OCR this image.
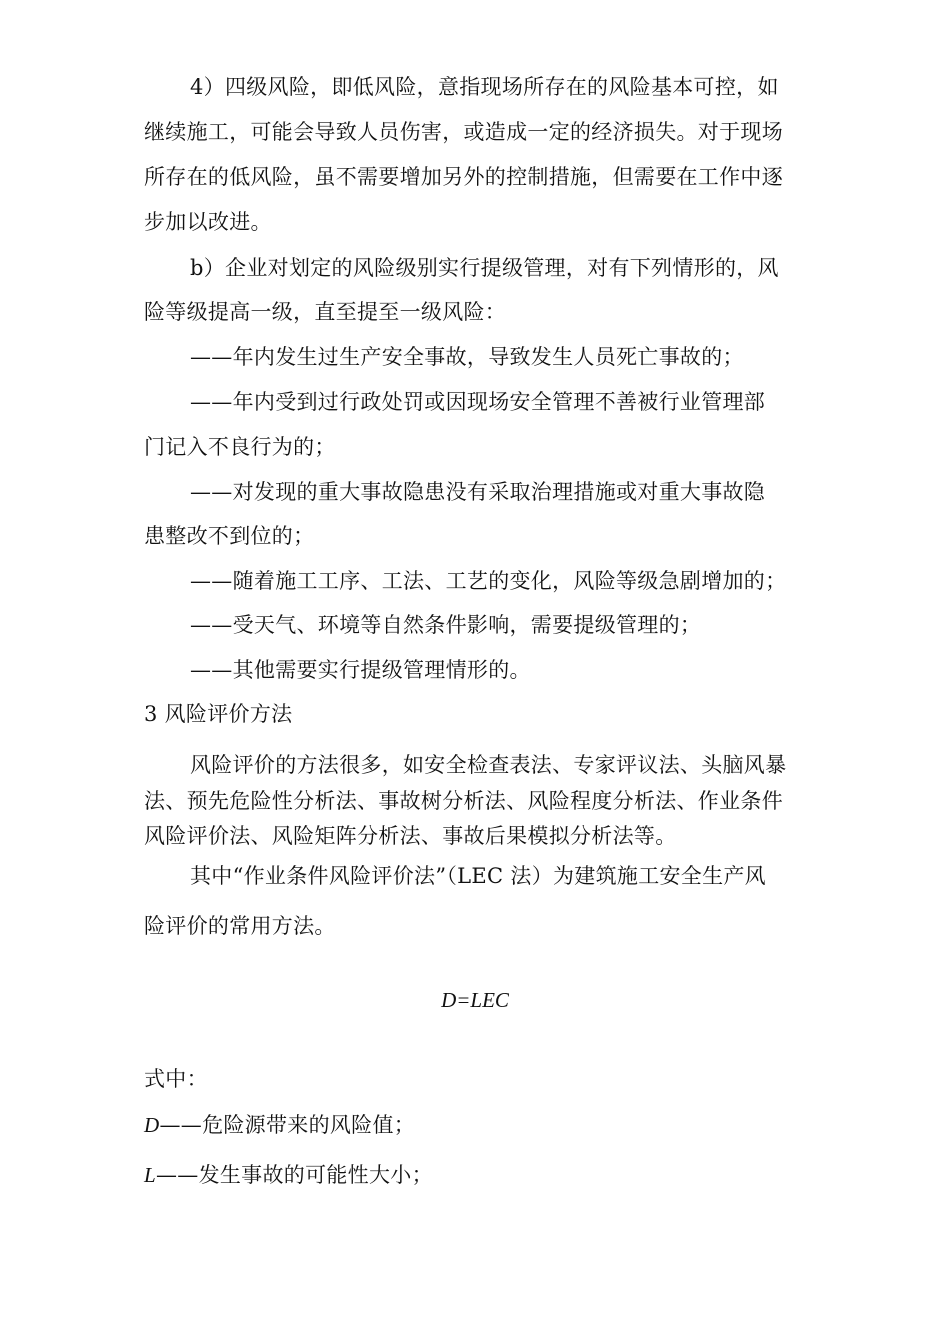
4）四级风险，即低风险，意指现场所存在的风险基本可控，如
继续施工，可能会导致人员伤害，或造成一定的经济损失。对于现场
所存在的低风险，虽不需要增加另外的控制措施，但需要在工作中逐
步加以改进。
b）企业对划定的风险级别实行提级管理，对有下列情形的，风
险等级提高一级，直至提至一级风险：
——年内发生过生产安全事故，导致发生人员死亡事故的；
——年内受到过行政处罚或因现场安全管理不善被行业管理部
门记入不良行为的；
——对发现的重大事故隐患没有采取治理措施或对重大事故隐
患整改不到位的；
——随着施工工序、工法、工艺的变化，风险等级急剧增加的；
——受天气、环境等自然条件影响，需要提级管理的；
——其他需要实行提级管理情形的。
3 风险评价方法
风险评价的方法很多，如安全检查表法、专家评议法、头脑风暴
法、预先危险性分析法、事故树分析法、风险程度分析法、作业条件
风险评价法、风险矩阵分析法、事故后果模拟分析法等。
其中“作业条件风险评价法”（LEC 法）为建筑施工安全生产风
险评价的常用方法。
D=LEC
式中：
D——危险源带来的风险值；
L——发生事故的可能性大小；
